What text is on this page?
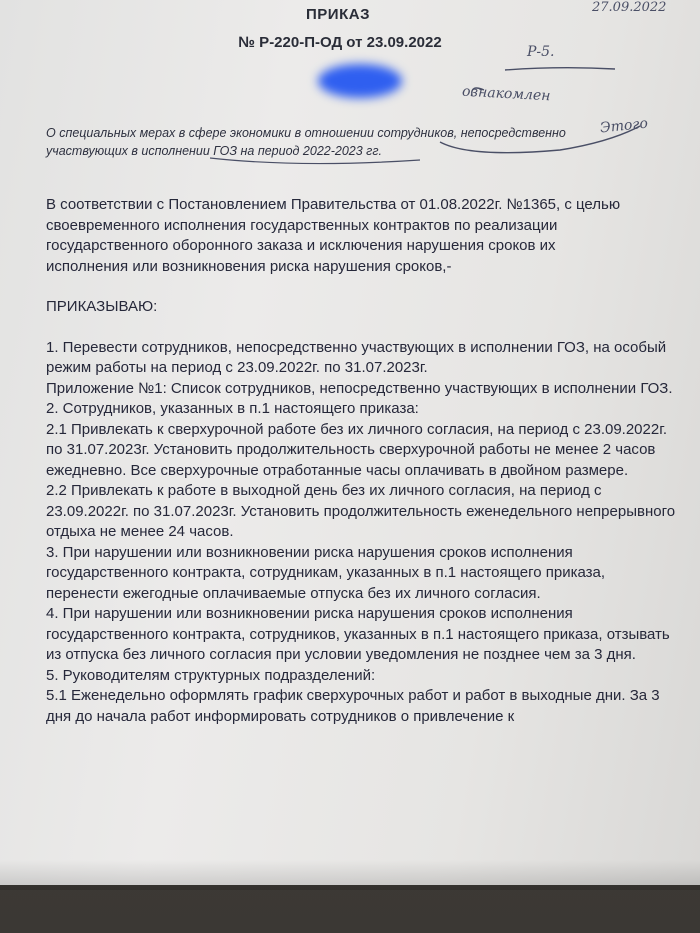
ПРИКАЗ
№ Р-220-П-ОД от 23.09.2022
О специальных мерах в сфере экономики в отношении сотрудников, непосредственно
участвующих в исполнении ГОЗ на период 2022-2023 гг.
27.09.2022
Р-5.
ознакомлен
Этого

В соответствии с Постановлением Правительства от 01.08.2022г. №1365, с целью своевременного исполнения государственных контрактов по реализации государственного оборонного заказа и исключения нарушения сроков их исполнения или возникновения риска нарушения сроков,-

ПРИКАЗЫВАЮ:

1. Перевести сотрудников, непосредственно участвующих в исполнении ГОЗ, на особый режим работы на период с 23.09.2022г. по 31.07.2023г.

Приложение №1: Список сотрудников, непосредственно участвующих в исполнении ГОЗ.

2. Сотрудников, указанных в п.1 настоящего приказа:

2.1 Привлекать к сверхурочной работе без их личного согласия, на период с 23.09.2022г. по 31.07.2023г. Установить продолжительность сверхурочной работы не менее 2 часов ежедневно. Все сверхурочные отработанные часы оплачивать в двойном размере.

2.2 Привлекать к работе в выходной день без их личного согласия, на период с 23.09.2022г. по 31.07.2023г. Установить продолжительность еженедельного непрерывного отдыха не менее 24 часов.

3. При нарушении или возникновении риска нарушения сроков исполнения государственного контракта, сотрудникам, указанных в п.1 настоящего приказа, перенести ежегодные оплачиваемые отпуска без их личного согласия.

4. При нарушении или возникновении риска нарушения сроков исполнения государственного контракта, сотрудников, указанных в п.1 настоящего приказа, отзывать из отпуска без личного согласия при условии уведомления не позднее чем за 3 дня.

5. Руководителям структурных подразделений:

5.1 Еженедельно оформлять график сверхурочных работ и работ в выходные дни. За 3 дня до начала работ информировать сотрудников о привлечение к
